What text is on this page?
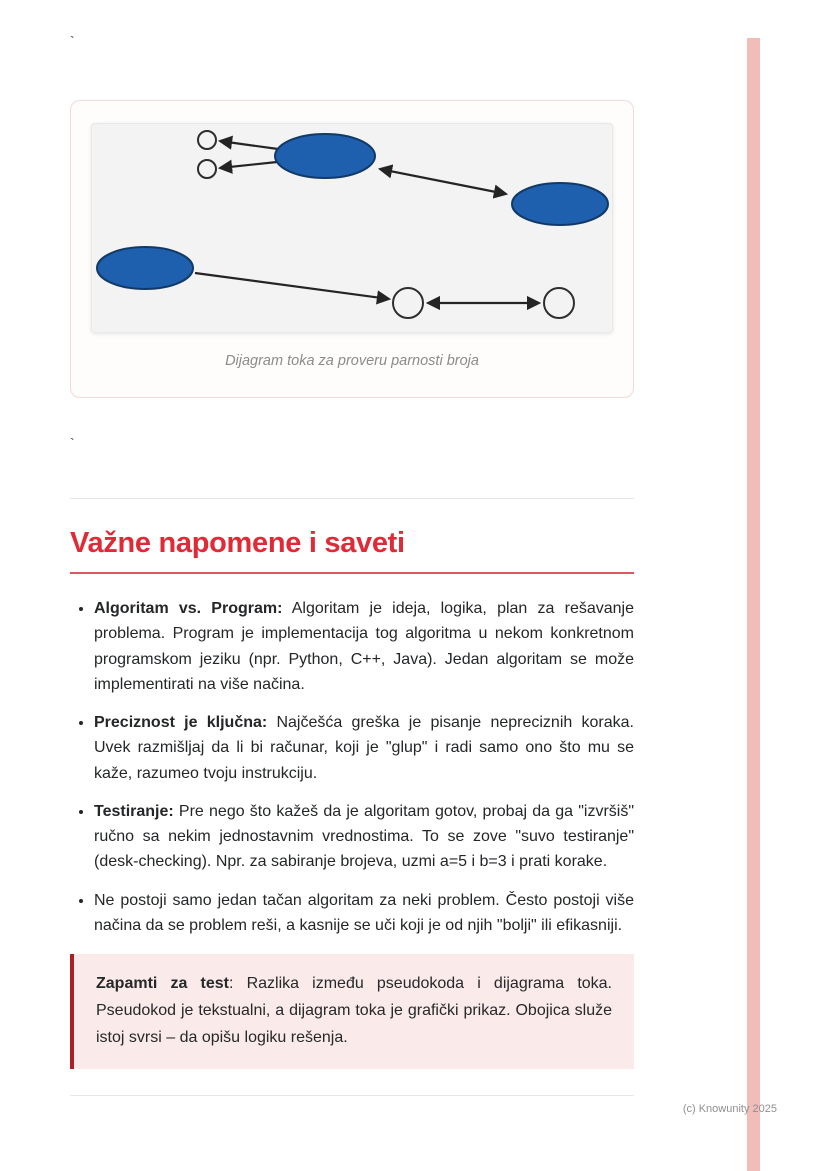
`
Dijagram toka za proveru parnosti broja
`
Važne napomene i saveti
• Algoritam vs. Program: Algoritam je ideja, logika, plan za rešavanje problema. Program je implementacija tog algoritma u nekom konkretnom programskom jeziku (npr. Python, C++, Java). Jedan algoritam se može implementirati na više načina.
• Preciznost je ključna: Najčešća greška je pisanje nepreciznih koraka. Uvek razmišljaj da li bi računar, koji je "glup" i radi samo ono što mu se kaže, razumeo tvoju instrukciju.
• Testiranje: Pre nego što kažeš da je algoritam gotov, probaj da ga "izvršiš" ručno sa nekim jednostavnim vrednostima. To se zove "suvo testiranje" (desk-checking). Npr. za sabiranje brojeva, uzmi a=5 i b=3 i prati korake.
• Ne postoji samo jedan tačan algoritam za neki problem. Često postoji više načina da se problem reši, a kasnije se uči koji je od njih "bolji" ili efikasniji.

Zapamti za test: Razlika između pseudokoda i dijagrama toka. Pseudokod je tekstualni, a dijagram toka je grafički prikaz. Obojica služe istoj svrsi – da opišu logiku rešenja.

(c) Knowunity 2025
